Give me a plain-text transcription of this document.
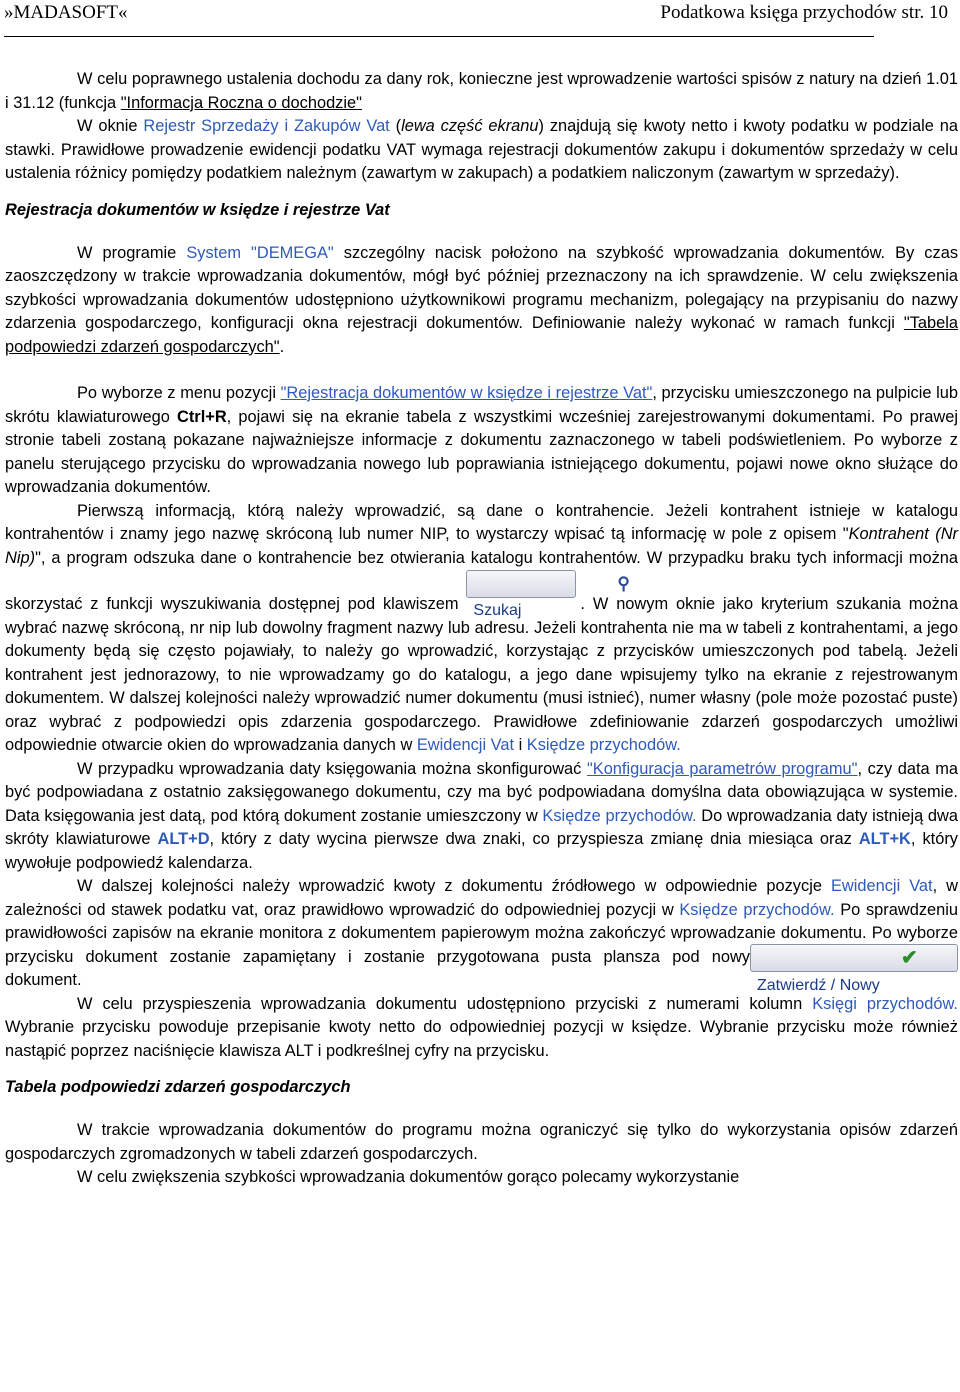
»MADASOFT«	Podatkowa księga przychodów str. 10

W celu poprawnego ustalenia dochodu za dany rok, konieczne jest wprowadzenie wartości spisów z natury na dzień 1.01 i 31.12 (funkcja "Informacja Roczna o dochodzie"

W oknie Rejestr Sprzedaży i Zakupów Vat (lewa część ekranu) znajdują się kwoty netto i kwoty podatku w podziale na stawki. Prawidłowe prowadzenie ewidencji podatku VAT wymaga rejestracji dokumentów zakupu i dokumentów sprzedaży w celu ustalenia różnicy pomiędzy podatkiem należnym (zawartym w zakupach) a podatkiem naliczonym (zawartym w sprzedaży).

Rejestracja dokumentów w księdze i rejestrze Vat

W programie System "DEMEGA" szczególny nacisk położono na szybkość wprowadzania dokumentów. By czas zaoszczędzony w trakcie wprowadzania dokumentów, mógł być później przeznaczony na ich sprawdzenie. W celu zwiększenia szybkości wprowadzania dokumentów udostępniono użytkownikowi programu mechanizm, polegający na przypisaniu do nazwy zdarzenia gospodarczego, konfiguracji okna rejestracji dokumentów. Definiowanie należy wykonać w ramach funkcji "Tabela podpowiedzi zdarzeń gospodarczych".

Po wyborze z menu pozycji "Rejestracja dokumentów w księdze i rejestrze Vat", przycisku umieszczonego na pulpicie lub skrótu klawiaturowego Ctrl+R, pojawi się na ekranie tabela z wszystkimi wcześniej zarejestrowanymi dokumentami. Po prawej stronie tabeli zostaną pokazane najważniejsze informacje z dokumentu zaznaczonego w tabeli podświetleniem. Po wyborze z panelu sterującego przycisku do wprowadzania nowego lub poprawiania istniejącego dokumentu, pojawi nowe okno służące do wprowadzania dokumentów.

Pierwszą informacją, którą należy wprowadzić, są dane o kontrahencie. Jeżeli kontrahent istnieje w katalogu kontrahentów i znamy jego nazwę skróconą lub numer NIP, to wystarczy wpisać tą informację w pole z opisem "Kontrahent (Nr Nip)", a program odszuka dane o kontrahencie bez otwierania katalogu kontrahentów. W przypadku braku tych informacji można skorzystać z funkcji wyszukiwania dostępnej pod klawiszem ⚲Szukaj	. W nowym oknie jako kryterium szukania można wybrać nazwę skróconą, nr nip lub dowolny fragment nazwy lub adresu. Jeżeli kontrahenta nie ma w tabeli z kontrahentami, a jego dokumenty będą się często pojawiały, to należy go wprowadzić, korzystając z przycisków umieszczonych pod tabelą. Jeżeli kontrahent jest jednorazowy, to nie wprowadzamy go do katalogu, a jego dane wpisujemy tylko na ekranie z rejestrowanym dokumentem. W dalszej kolejności należy wprowadzić numer dokumentu (musi istnieć), numer własny (pole może pozostać puste) oraz wybrać z podpowiedzi opis zdarzenia gospodarczego. Prawidłowe zdefiniowanie zdarzeń gospodarczych umożliwi odpowiednie otwarcie okien do wprowadzania danych w Ewidencji Vat i Księdze przychodów.

W przypadku wprowadzania daty księgowania można skonfigurować "Konfiguracja parametrów programu", czy data ma być podpowiadana z ostatnio zaksięgowanego dokumentu, czy ma być podpowiadana domyślna data obowiązująca w systemie. Data księgowania jest datą, pod którą dokument zostanie umieszczony w Księdze przychodów. Do wprowadzania daty istnieją dwa skróty klawiaturowe ALT+D, który z daty wycina pierwsze dwa znaki, co przyspiesza zmianę dnia miesiąca oraz ALT+K, który wywołuje podpowiedź kalendarza.

W dalszej kolejności należy wprowadzić kwoty z dokumentu źródłowego w odpowiednie pozycje Ewidencji Vat, w zależności od stawek podatku vat, oraz prawidłowo wprowadzić do odpowiedniej pozycji w Księdze przychodów. Po sprawdzeniu prawidłowości zapisów na ekranie monitora z dokumentem papierowym można zakończyć wprowadzanie dokumentu. Po wyborze przycisku	✔Zatwierdź / Nowy
dokument zostanie zapamiętany i zostanie przygotowana pusta plansza pod nowy dokument.

W celu przyspieszenia wprowadzania dokumentu udostępniono przyciski z numerami kolumn Księgi przychodów. Wybranie przycisku powoduje przepisanie kwoty netto do odpowiedniej pozycji w księdze. Wybranie przycisku może również nastąpić poprzez naciśnięcie klawisza ALT i podkreślnej cyfry na przycisku.

Tabela podpowiedzi zdarzeń gospodarczych

W trakcie wprowadzania dokumentów do programu można ograniczyć się tylko do wykorzystania opisów zdarzeń gospodarczych zgromadzonych w tabeli zdarzeń gospodarczych.

W celu zwiększenia szybkości wprowadzania dokumentów gorąco polecamy wykorzystanie
